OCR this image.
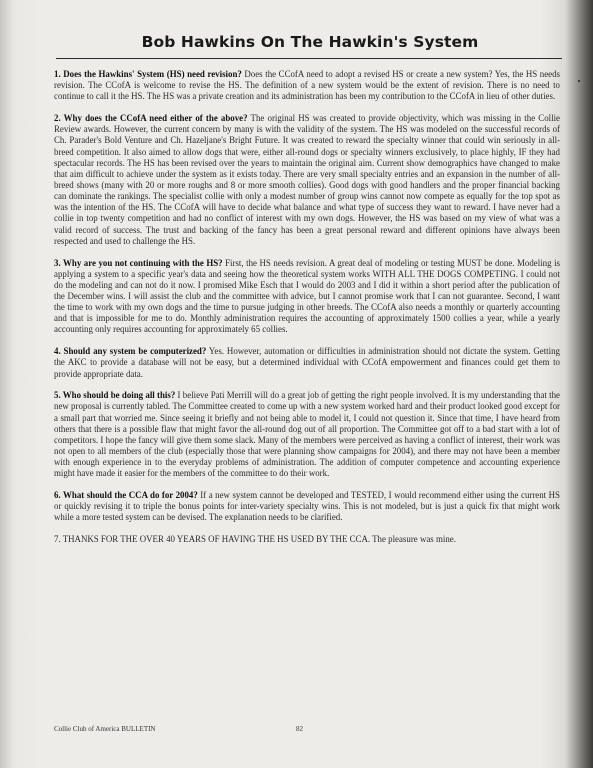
Bob Hawkins On The Hawkin's System

1. Does the Hawkins' System (HS) need revision? Does the CCofA need to adopt a revised HS or create a new system? Yes, the HS needs revision. The CCofA is welcome to revise the HS. The definition of a new system would be the extent of revision. There is no need to continue to call it the HS. The HS was a private creation and its administration has been my contribution to the CCofA in lieu of other duties.

2. Why does the CCofA need either of the above? The original HS was created to provide objectivity, which was missing in the Collie Review awards. However, the current concern by many is with the validity of the system. The HS was modeled on the successful records of Ch. Parader's Bold Venture and Ch. Hazeljane's Bright Future. It was created to reward the specialty winner that could win seriously in all-breed competition. It also aimed to allow dogs that were, either all-round dogs or specialty winners exclusively, to place highly, IF they had spectacular records. The HS has been revised over the years to maintain the original aim. Current show demographics have changed to make that aim difficult to achieve under the system as it exists today. There are very small specialty entries and an expansion in the number of all-breed shows (many with 20 or more roughs and 8 or more smooth collies). Good dogs with good handlers and the proper financial backing can dominate the rankings. The specialist collie with only a modest number of group wins cannot now compete as equally for the top spot as was the intention of the HS. The CCofA will have to decide what balance and what type of success they want to reward. I have never had a collie in top twenty competition and had no conflict of interest with my own dogs. However, the HS was based on my view of what was a valid record of success. The trust and backing of the fancy has been a great personal reward and different opinions have always been respected and used to challenge the HS.

3. Why are you not continuing with the HS? First, the HS needs revision. A great deal of modeling or testing MUST be done. Modeling is applying a system to a specific year's data and seeing how the theoretical system works WITH ALL THE DOGS COMPETING. I could not do the modeling and can not do it now. I promised Mike Esch that I would do 2003 and I did it within a short period after the publication of the December wins. I will assist the club and the committee with advice, but I cannot promise work that I can not guarantee. Second, I want the time to work with my own dogs and the time to pursue judging in other breeds. The CCofA also needs a monthly or quarterly accounting and that is impossible for me to do. Monthly administration requires the accounting of approximately 1500 collies a year, while a yearly accounting only requires accounting for approximately 65 collies.

4. Should any system be computerized? Yes. However, automation or difficulties in administration should not dictate the system. Getting the AKC to provide a database will not be easy, but a determined individual with CCofA empowerment and finances could get them to provide appropriate data.

5. Who should be doing all this? I believe Pati Merrill will do a great job of getting the right people involved. It is my understanding that the new proposal is currently tabled. The Committee created to come up with a new system worked hard and their product looked good except for a small part that worried me. Since seeing it briefly and not being able to model it, I could not question it. Since that time, I have heard from others that there is a possible flaw that might favor the all-round dog out of all proportion. The Committee got off to a bad start with a lot of competitors. I hope the fancy will give them some slack. Many of the members were perceived as having a conflict of interest, their work was not open to all members of the club (especially those that were planning show campaigns for 2004), and there may not have been a member with enough experience in to the everyday problems of administration. The addition of computer competence and accounting experience might have made it easier for the members of the committee to do their work.

6. What should the CCA do for 2004? If a new system cannot be developed and TESTED, I would recommend either using the current HS or quickly revising it to triple the bonus points for inter-variety specialty wins. This is not modeled, but is just a quick fix that might work while a more tested system can be devised. The explanation needs to be clarified.

7. THANKS FOR THE OVER 40 YEARS OF HAVING THE HS USED BY THE CCA. The pleasure was mine.

Collie Club of America BULLETIN	82
